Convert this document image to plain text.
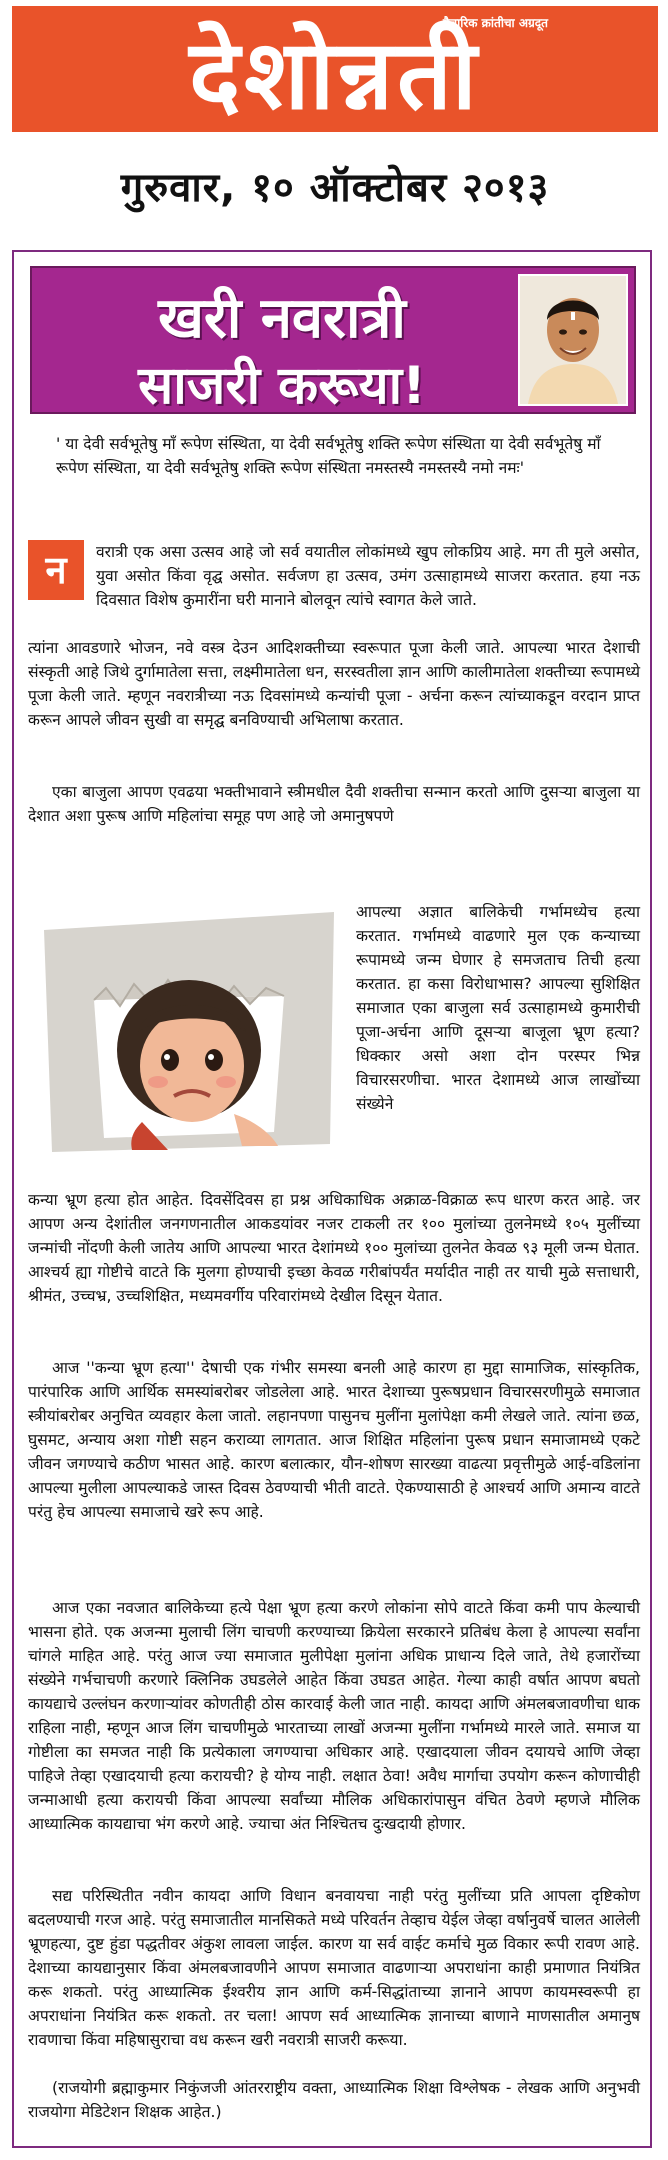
वैचारिक क्रांतीचा अग्रदूत
देशोन्नती
गुरुवार, १० ऑक्टोबर २०१३
खरी नवरात्री
साजरी करूया!
' या देवी सर्वभूतेषु माँ रूपेण संस्थिता, या देवी सर्वभूतेषु शक्ति रूपेण संस्थिता या देवी सर्वभूतेषु माँ रूपेण संस्थिता, या देवी सर्वभूतेषु शक्ति रूपेण संस्थिता नमस्तस्यै नमस्तस्यै नमो नमः'
न	वरात्री एक असा उत्सव आहे जो सर्व वयातील लोकांमध्ये खुप लोकप्रिय आहे. मग ती मुले असोत, युवा असोत किंवा वृद्घ असोत. सर्वजण हा उत्सव, उमंग उत्साहामध्ये साजरा करतात. हया नऊ दिवसात विशेष कुमारींना घरी मानाने बोलवून त्यांचे स्वागत केले जाते.
त्यांना आवडणारे भोजन, नवे वस्त्र देउन आदिशक्तीच्या स्वरूपात पूजा केली जाते. आपल्या भारत देशाची संस्कृती आहे जिथे दुर्गामातेला सत्ता, लक्ष्मीमातेला धन, सरस्वतीला ज्ञान आणि कालीमातेला शक्तीच्या रूपामध्ये पूजा केली जाते. म्हणून नवरात्रीच्या नऊ दिवसांमध्ये कन्यांची पूजा - अर्चना करून त्यांच्याकडून वरदान प्राप्त करून आपले जीवन सुखी वा समृद्घ बनविण्याची अभिलाषा करतात.
एका बाजुला आपण एवढया भक्तीभावाने स्त्रीमधील दैवी शक्तीचा सन्मान करतो आणि दुसऱ्या बाजुला या देशात अशा पुरूष आणि महिलांचा समूह पण आहे जो अमानुषपणे
आपल्या अज्ञात बालिकेची गर्भामध्येच हत्या करतात. गर्भामध्ये वाढणारे मुल एक कन्याच्या रूपामध्ये जन्म घेणार हे समजताच तिची हत्या करतात. हा कसा विरोधाभास? आपल्या सुशिक्षित समाजात एका बाजुला सर्व उत्साहामध्ये कुमारीची पूजा-अर्चना आणि दूसऱ्या बाजूला भ्रूण हत्या? धिक्कार असो अशा दोन परस्पर भिन्न विचारसरणीचा. भारत देशामध्ये आज लाखोंच्या संख्येने
कन्या भ्रूण हत्या होत आहेत. दिवसेंदिवस हा प्रश्न अधिकाधिक अक्राळ-विक्राळ रूप धारण करत आहे. जर आपण अन्य देशांतील जनगणनातील आकडयांवर नजर टाकली तर १०० मुलांच्या तुलनेमध्ये १०५ मुलींच्या जन्मांची नोंदणी केली जातेय आणि आपल्या भारत देशांमध्ये १०० मुलांच्या तुलनेत केवळ ९३ मूली जन्म घेतात. आश्चर्य ह्या गोष्टीचे वाटते कि मुलगा होण्याची इच्छा केवळ गरीबांपर्यंत मर्यादीत नाही तर याची मुळे सत्ताधारी, श्रीमंत, उच्चभ्र, उच्चशिक्षित, मध्यमवर्गीय परिवारांमध्ये देखील दिसून येतात.
आज ''कन्या भ्रूण हत्या'' देषाची एक गंभीर समस्या बनली आहे कारण हा मुद्दा सामाजिक, सांस्कृतिक, पारंपारिक आणि आर्थिक समस्यांबरोबर जोडलेला आहे. भारत देशाच्या पुरूषप्रधान विचारसरणीमुळे समाजात स्त्रीयांबरोबर अनुचित व्यवहार केला जातो. लहानपणा पासुनच मुलींना मुलांपेक्षा कमी लेखले जाते. त्यांना छळ, घुसमट, अन्याय अशा गोष्टी सहन कराव्या लागतात. आज शिक्षित महिलांना पुरूष प्रधान समाजामध्ये एकटे जीवन जगण्याचे कठीण भासत आहे. कारण बलात्कार, यौन-शोषण सारख्या वाढत्या प्रवृत्तीमुळे आई-वडिलांना आपल्या मुलीला आपल्याकडे जास्त दिवस ठेवण्याची भीती वाटते. ऐकण्यासाठी हे आश्चर्य आणि अमान्य वाटते परंतु हेच आपल्या समाजाचे खरे रूप आहे.
आज एका नवजात बालिकेच्या हत्ये पेक्षा भ्रूण हत्या करणे लोकांना सोपे वाटते किंवा कमी पाप केल्याची भासना होते. एक अजन्मा मुलाची लिंग चाचणी करण्याच्या क्रियेला सरकारने प्रतिबंध केला हे आपल्या सर्वांना चांगले माहित आहे. परंतु आज ज्या समाजात मुलीपेक्षा मुलांना अधिक प्राधान्य दिले जाते, तेथे हजारोंच्या संख्येने गर्भचाचणी करणारे क्लिनिक उघडलेले आहेत किंवा उघडत आहेत. गेल्या काही वर्षात आपण बघतो कायद्याचे उल्लंघन करणाऱ्यांवर कोणतीही ठोस कारवाई केली जात नाही. कायदा आणि अंमलबजावणीचा धाक राहिला नाही, म्हणून आज लिंग चाचणीमुळे भारताच्या लाखों अजन्मा मुलींना गर्भामध्ये मारले जाते. समाज या गोष्टीला का समजत नाही कि प्रत्येकाला जगण्याचा अधिकार आहे. एखादयाला जीवन दयायचे आणि जेव्हा पाहिजे तेव्हा एखादयाची हत्या करायची? हे योग्य नाही. लक्षात ठेवा! अवैध मार्गाचा उपयोग करून कोणाचीही जन्माआधी हत्या करायची किंवा आपल्या सर्वांच्या मौलिक अधिकारांपासुन वंचित ठेवणे म्हणजे मौलिक आध्यात्मिक कायद्याचा भंग करणे आहे. ज्याचा अंत निश्चितच दुःखदायी होणार.
सद्य परिस्थितीत नवीन कायदा आणि विधान बनवायचा नाही परंतु मुलींच्या प्रति आपला दृष्टिकोण बदलण्याची गरज आहे. परंतु समाजातील मानसिकते मध्ये परिवर्तन तेव्हाच येईल जेव्हा वर्षानुवर्षे चालत आलेली भ्रूणहत्या, दुष्ट हुंडा पद्धतीवर अंकुश लावला जाईल. कारण या सर्व वाईट कर्माचे मुळ विकार रूपी रावण आहे. देशाच्या कायद्यानुसार किंवा अंमलबजावणीने आपण समाजात वाढणाऱ्या अपराधांना काही प्रमाणात नियंत्रित करू शकतो. परंतु आध्यात्मिक ईश्वरीय ज्ञान आणि कर्म-सिद्धांताच्या ज्ञानाने आपण कायमस्वरूपी हा अपराधांना नियंत्रित करू शकतो. तर चला! आपण सर्व आध्यात्मिक ज्ञानाच्या बाणाने माणसातील अमानुष रावणाचा किंवा महिषासुराचा वध करून खरी नवरात्री साजरी करूया.
(राजयोगी ब्रह्माकुमार निकुंजजी आंतरराष्ट्रीय वक्ता, आध्यात्मिक शिक्षा विश्लेषक - लेखक आणि अनुभवी राजयोगा मेडिटेशन शिक्षक आहेत.)
